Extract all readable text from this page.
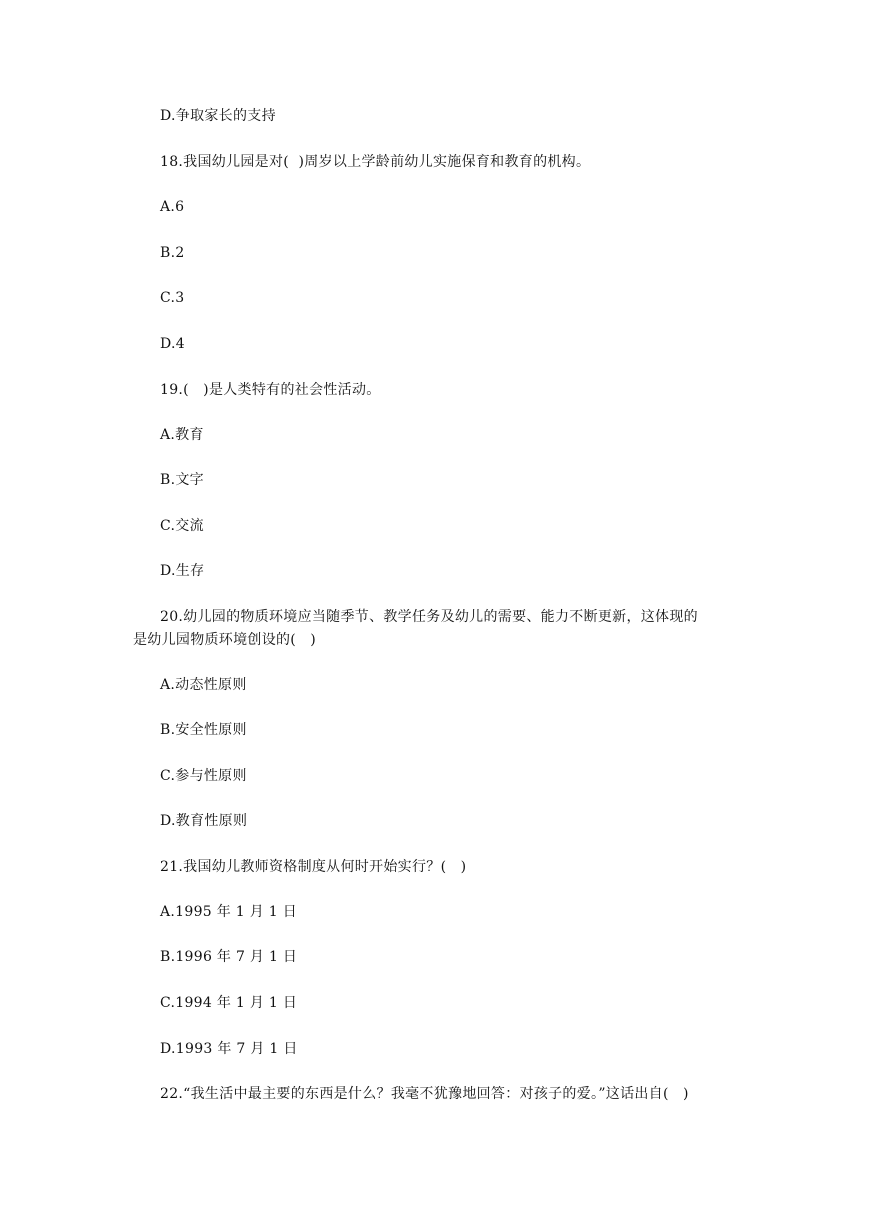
D.争取家长的支持
18.我国幼儿园是对(  )周岁以上学龄前幼儿实施保育和教育的机构。
A.6
B.2
C.3
D.4
19.(   )是人类特有的社会性活动。
A.教育
B.文字
C.交流
D.生存
20.幼儿园的物质环境应当随季节、教学任务及幼儿的需要、能力不断更新，这体现的
是幼儿园物质环境创设的(   )
A.动态性原则
B.安全性原则
C.参与性原则
D.教育性原则
21.我国幼儿教师资格制度从何时开始实行？(   )
A.1995 年 1 月 1 日
B.1996 年 7 月 1 日
C.1994 年 1 月 1 日
D.1993 年 7 月 1 日
22.“我生活中最主要的东西是什么？我毫不犹豫地回答：对孩子的爱。”这话出自(   )
